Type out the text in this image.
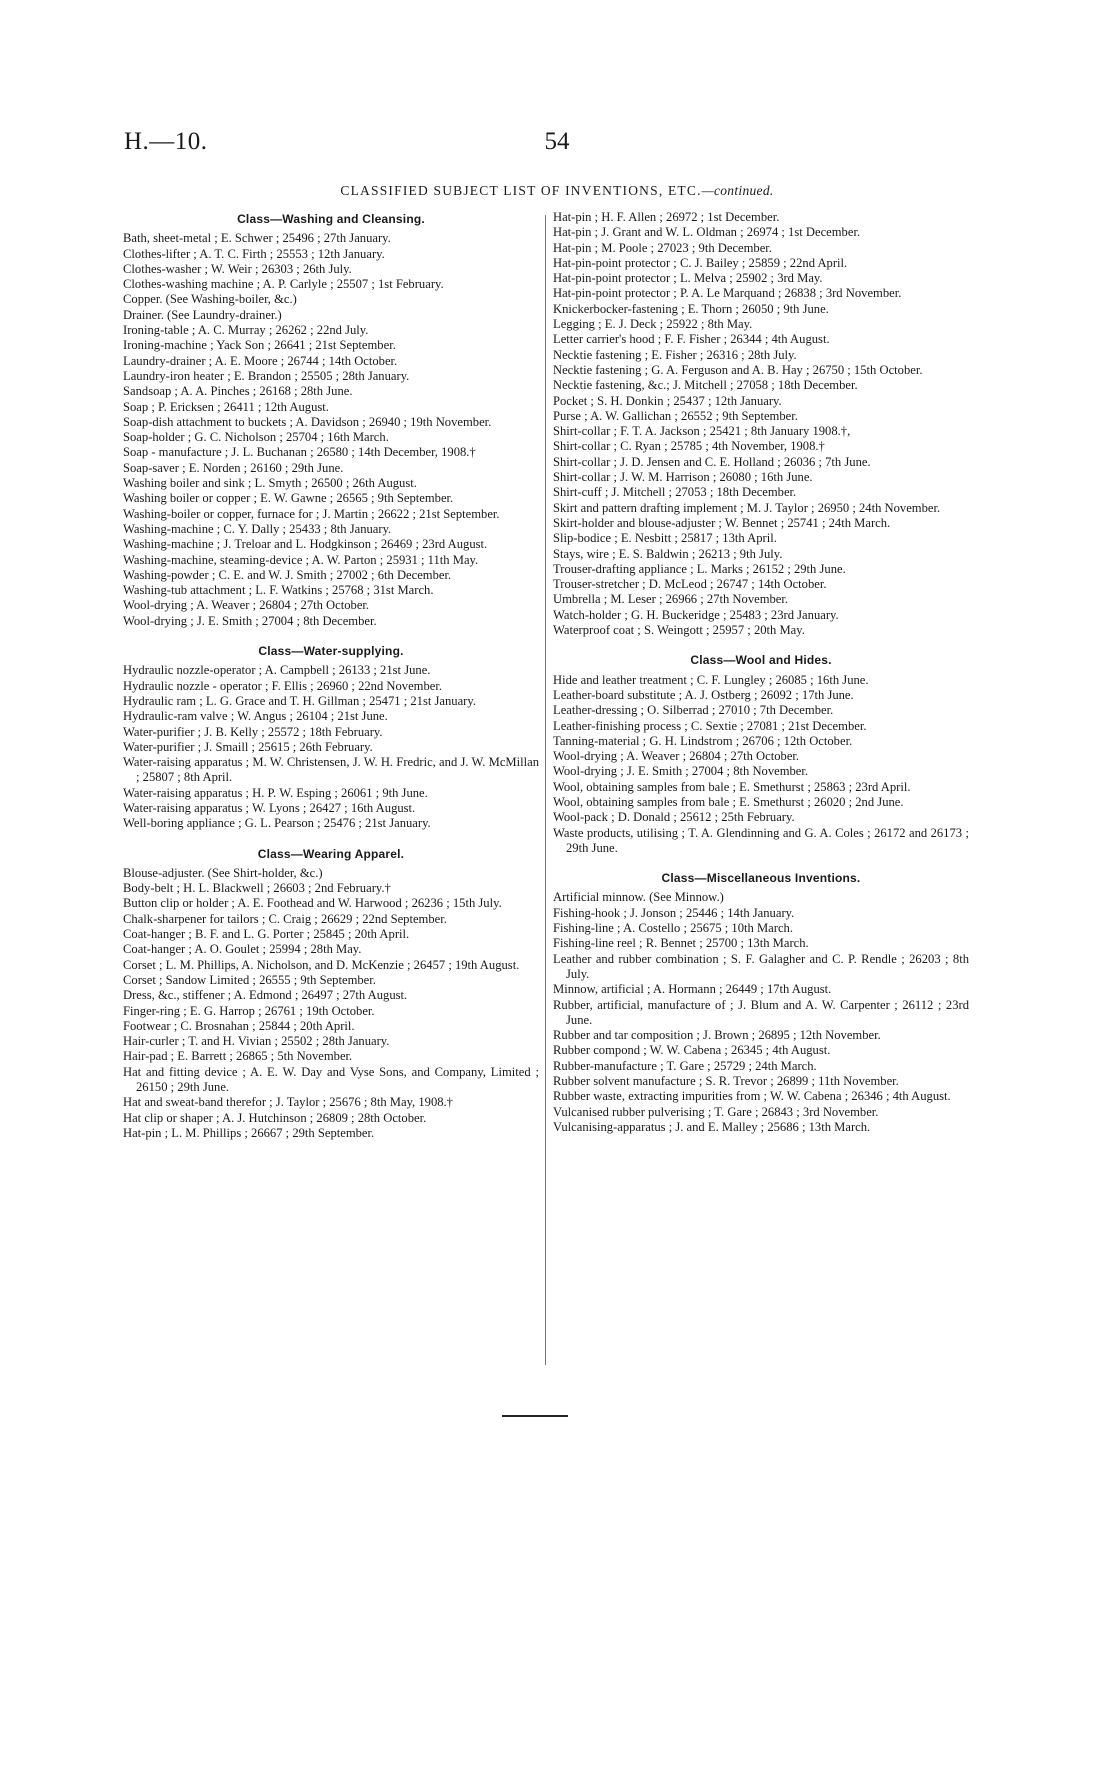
H.—10.	54
CLASSIFIED SUBJECT LIST OF INVENTIONS, ETC.—continued.
Class—Washing and Cleansing.
Bath, sheet-metal ; E. Schwer ; 25496 ; 27th January.
Clothes-lifter ; A. T. C. Firth ; 25553 ; 12th January.
Clothes-washer ; W. Weir ; 26303 ; 26th July.
Clothes-washing machine ; A. P. Carlyle ; 25507 ; 1st February.
Copper. (See Washing-boiler, &c.)
Drainer. (See Laundry-drainer.)
Ironing-table ; A. C. Murray ; 26262 ; 22nd July.
Ironing-machine ; Yack Son ; 26641 ; 21st September.
Laundry-drainer ; A. E. Moore ; 26744 ; 14th October.
Laundry-iron heater ; E. Brandon ; 25505 ; 28th January.
Sandsoap ; A. A. Pinches ; 26168 ; 28th June.
Soap ; P. Ericksen ; 26411 ; 12th August.
Soap-dish attachment to buckets ; A. Davidson ; 26940 ; 19th November.
Soap-holder ; G. C. Nicholson ; 25704 ; 16th March.
Soap - manufacture ; J. L. Buchanan ; 26580 ; 14th December, 1908.†
Soap-saver ; E. Norden ; 26160 ; 29th June.
Washing boiler and sink ; L. Smyth ; 26500 ; 26th August.
Washing boiler or copper ; E. W. Gawne ; 26565 ; 9th September.
Washing-boiler or copper, furnace for ; J. Martin ; 26622 ; 21st September.
Washing-machine ; C. Y. Dally ; 25433 ; 8th January.
Washing-machine ; J. Treloar and L. Hodgkinson ; 26469 ; 23rd August.
Washing-machine, steaming-device ; A. W. Parton ; 25931 ; 11th May.
Washing-powder ; C. E. and W. J. Smith ; 27002 ; 6th December.
Washing-tub attachment ; L. F. Watkins ; 25768 ; 31st March.
Wool-drying ; A. Weaver ; 26804 ; 27th October.
Wool-drying ; J. E. Smith ; 27004 ; 8th December.
Class—Water-supplying.
Hydraulic nozzle-operator ; A. Campbell ; 26133 ; 21st June.
Hydraulic nozzle - operator ; F. Ellis ; 26960 ; 22nd November.
Hydraulic ram ; L. G. Grace and T. H. Gillman ; 25471 ; 21st January.
Hydraulic-ram valve ; W. Angus ; 26104 ; 21st June.
Water-purifier ; J. B. Kelly ; 25572 ; 18th February.
Water-purifier ; J. Smaill ; 25615 ; 26th February.
Water-raising apparatus ; M. W. Christensen, J. W. H. Fredric, and J. W. McMillan ; 25807 ; 8th April.
Water-raising apparatus ; H. P. W. Esping ; 26061 ; 9th June.
Water-raising apparatus ; W. Lyons ; 26427 ; 16th August.
Well-boring appliance ; G. L. Pearson ; 25476 ; 21st January.
Class—Wearing Apparel.
Blouse-adjuster. (See Shirt-holder, &c.)
Body-belt ; H. L. Blackwell ; 26603 ; 2nd February.†
Button clip or holder ; A. E. Foothead and W. Harwood ; 26236 ; 15th July.
Chalk-sharpener for tailors ; C. Craig ; 26629 ; 22nd September.
Coat-hanger ; B. F. and L. G. Porter ; 25845 ; 20th April.
Coat-hanger ; A. O. Goulet ; 25994 ; 28th May.
Corset ; L. M. Phillips, A. Nicholson, and D. McKenzie ; 26457 ; 19th August.
Corset ; Sandow Limited ; 26555 ; 9th September.
Dress, &c., stiffener ; A. Edmond ; 26497 ; 27th August.
Finger-ring ; E. G. Harrop ; 26761 ; 19th October.
Footwear ; C. Brosnahan ; 25844 ; 20th April.
Hair-curler ; T. and H. Vivian ; 25502 ; 28th January.
Hair-pad ; E. Barrett ; 26865 ; 5th November.
Hat and fitting device ; A. E. W. Day and Vyse Sons, and Company, Limited ; 26150 ; 29th June.
Hat and sweat-band therefor ; J. Taylor ; 25676 ; 8th May, 1908.†
Hat clip or shaper ; A. J. Hutchinson ; 26809 ; 28th October.
Hat-pin ; L. M. Phillips ; 26667 ; 29th September.
Hat-pin ; H. F. Allen ; 26972 ; 1st December.
Hat-pin ; J. Grant and W. L. Oldman ; 26974 ; 1st December.
Hat-pin ; M. Poole ; 27023 ; 9th December.
Hat-pin-point protector ; C. J. Bailey ; 25859 ; 22nd April.
Hat-pin-point protector ; L. Melva ; 25902 ; 3rd May.
Hat-pin-point protector ; P. A. Le Marquand ; 26838 ; 3rd November.
Knickerbocker-fastening ; E. Thorn ; 26050 ; 9th June.
Legging ; E. J. Deck ; 25922 ; 8th May.
Letter carrier's hood ; F. F. Fisher ; 26344 ; 4th August.
Necktie fastening ; E. Fisher ; 26316 ; 28th July.
Necktie fastening ; G. A. Ferguson and A. B. Hay ; 26750 ; 15th October.
Necktie fastening, &c.; J. Mitchell ; 27058 ; 18th December.
Pocket ; S. H. Donkin ; 25437 ; 12th January.
Purse ; A. W. Gallichan ; 26552 ; 9th September.
Shirt-collar ; F. T. A. Jackson ; 25421 ; 8th January 1908.†,
Shirt-collar ; C. Ryan ; 25785 ; 4th November, 1908.†
Shirt-collar ; J. D. Jensen and C. E. Holland ; 26036 ; 7th June.
Shirt-collar ; J. W. M. Harrison ; 26080 ; 16th June.
Shirt-cuff ; J. Mitchell ; 27053 ; 18th December.
Skirt and pattern drafting implement ; M. J. Taylor ; 26950 ; 24th November.
Skirt-holder and blouse-adjuster ; W. Bennet ; 25741 ; 24th March.
Slip-bodice ; E. Nesbitt ; 25817 ; 13th April.
Stays, wire ; E. S. Baldwin ; 26213 ; 9th July.
Trouser-drafting appliance ; L. Marks ; 26152 ; 29th June.
Trouser-stretcher ; D. McLeod ; 26747 ; 14th October.
Umbrella ; M. Leser ; 26966 ; 27th November.
Watch-holder ; G. H. Buckeridge ; 25483 ; 23rd January.
Waterproof coat ; S. Weingott ; 25957 ; 20th May.
Class—Wool and Hides.
Hide and leather treatment ; C. F. Lungley ; 26085 ; 16th June.
Leather-board substitute ; A. J. Ostberg ; 26092 ; 17th June.
Leather-dressing ; O. Silberrad ; 27010 ; 7th December.
Leather-finishing process ; C. Sextie ; 27081 ; 21st December.
Tanning-material ; G. H. Lindstrom ; 26706 ; 12th October.
Wool-drying ; A. Weaver ; 26804 ; 27th October.
Wool-drying ; J. E. Smith ; 27004 ; 8th November.
Wool, obtaining samples from bale ; E. Smethurst ; 25863 ; 23rd April.
Wool, obtaining samples from bale ; E. Smethurst ; 26020 ; 2nd June.
Wool-pack ; D. Donald ; 25612 ; 25th February.
Waste products, utilising ; T. A. Glendinning and G. A. Coles ; 26172 and 26173 ; 29th June.
Class—Miscellaneous Inventions.
Artificial minnow. (See Minnow.)
Fishing-hook ; J. Jonson ; 25446 ; 14th January.
Fishing-line ; A. Costello ; 25675 ; 10th March.
Fishing-line reel ; R. Bennet ; 25700 ; 13th March.
Leather and rubber combination ; S. F. Galagher and C. P. Rendle ; 26203 ; 8th July.
Minnow, artificial ; A. Hormann ; 26449 ; 17th August.
Rubber, artificial, manufacture of ; J. Blum and A. W. Carpenter ; 26112 ; 23rd June.
Rubber and tar composition ; J. Brown ; 26895 ; 12th November.
Rubber compond ; W. W. Cabena ; 26345 ; 4th August.
Rubber-manufacture ; T. Gare ; 25729 ; 24th March.
Rubber solvent manufacture ; S. R. Trevor ; 26899 ; 11th November.
Rubber waste, extracting impurities from ; W. W. Cabena ; 26346 ; 4th August.
Vulcanised rubber pulverising ; T. Gare ; 26843 ; 3rd November.
Vulcanising-apparatus ; J. and E. Malley ; 25686 ; 13th March.
